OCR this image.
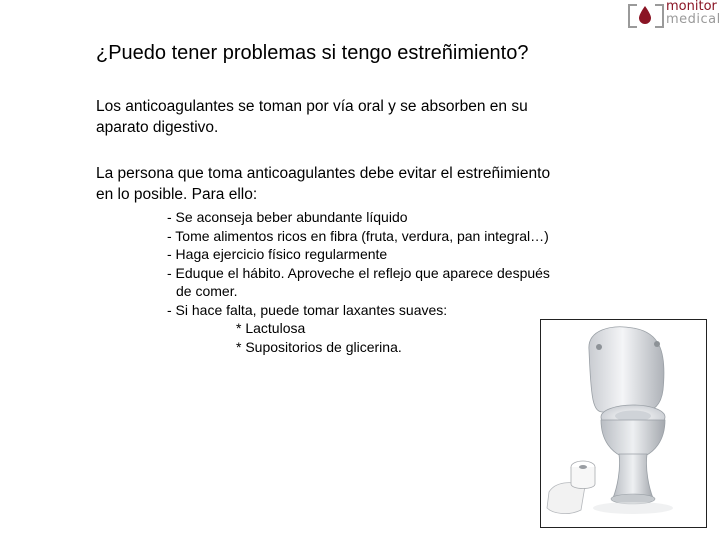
monitor
medical
¿Puedo tener problemas si tengo estreñimiento?
Los anticoagulantes se toman por vía oral y se absorben en su
aparato digestivo.
La persona que toma anticoagulantes debe evitar el estreñimiento
en lo posible. Para ello:
- Se aconseja beber abundante líquido
- Tome alimentos ricos en fibra (fruta, verdura, pan integral…)
- Haga ejercicio físico regularmente
- Eduque el hábito. Aproveche el reflejo que aparece después
de comer.
- Si hace falta, puede tomar laxantes suaves:
* Lactulosa
* Supositorios de glicerina.
